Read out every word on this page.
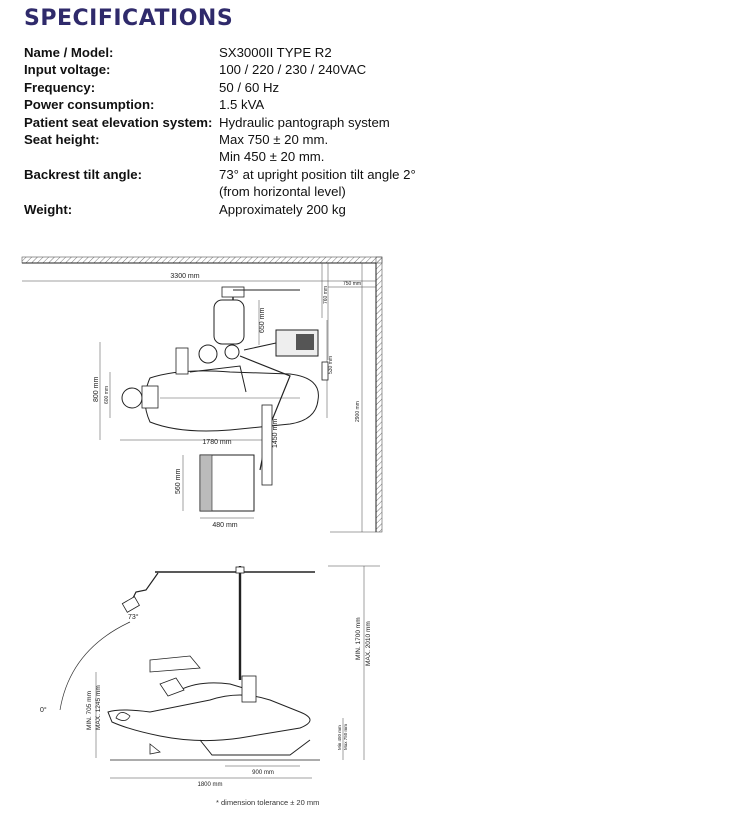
SPECIFICATIONS
Name / Model:	SX3000II TYPE R2
Input voltage:	100 / 220 / 230 / 240VAC
Frequency:	50 / 60 Hz
Power consumption:	1.5 kVA
Patient seat elevation system: Hydraulic pantograph system
Seat height:	Max 750 ± 20 mm.
Min 450 ± 20 mm.
Backrest tilt angle:	73° at upright position tilt angle 2°
(from horizontal level)
Weight:	Approximately 200 kg
3300 mm
750 mm
760 mm
530 mm
2900 mm
650 mm
800 mm 600 mm
1780 mm	1450 mm
560 mm
480 mm
73°
0°	MIN. 705 mm MAX. 1245 mm
MIN. 1700 mm MAX. 2010 mm
Min 450 mm Max 750 mm
900 mm
1800 mm
* dimension tolerance ± 20 mm
